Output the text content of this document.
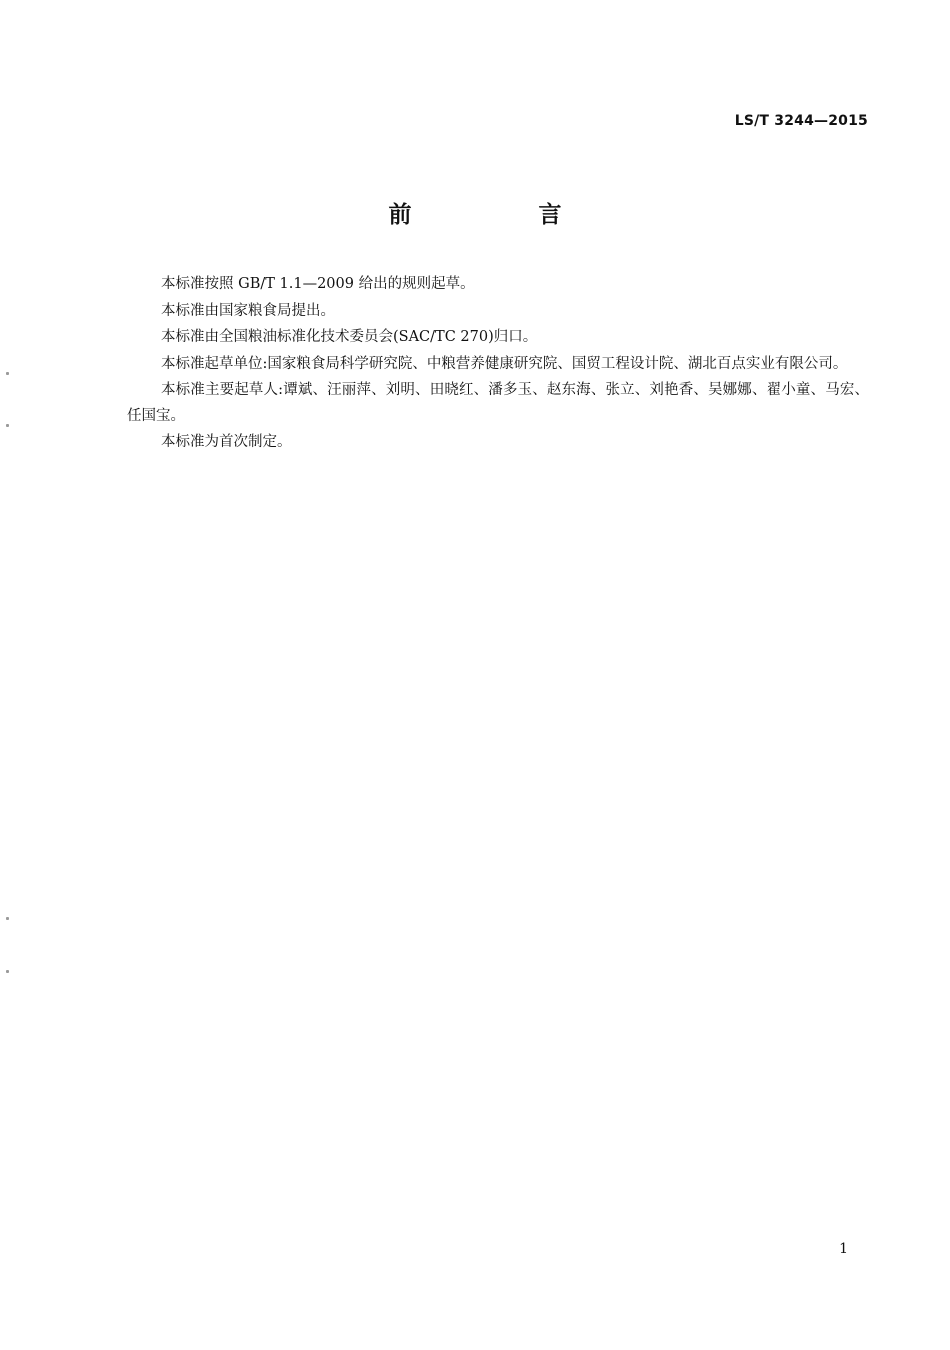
LS/T 3244—2015
前　言

本标准按照 GB/T 1.1—2009 给出的规则起草。

本标准由国家粮食局提出。

本标准由全国粮油标准化技术委员会(SAC/TC 270)归口。

本标准起草单位:国家粮食局科学研究院、中粮营养健康研究院、国贸工程设计院、湖北百点实业有限公司。

本标准主要起草人:谭斌、汪丽萍、刘明、田晓红、潘多玉、赵东海、张立、刘艳香、吴娜娜、翟小童、马宏、任国宝。

本标准为首次制定。

1
